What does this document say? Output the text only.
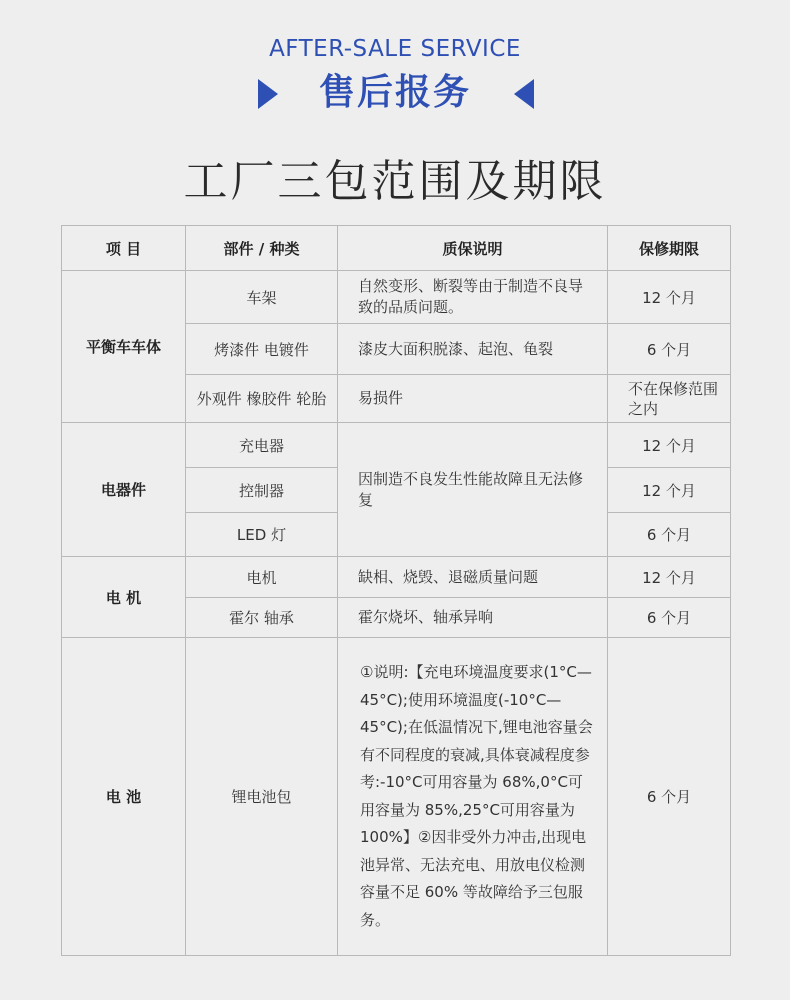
AFTER-SALE SERVICE
售后报务
工厂三包范围及期限
项 目	部件 / 种类	质保说明	保修期限
平衡车车体	车架	自然变形、断裂等由于制造不良导致的品质问题。	12 个月
	烤漆件 电镀件	漆皮大面积脱漆、起泡、龟裂	6 个月
	外观件 橡胶件 轮胎	易损件	不在保修范围之内
电器件	充电器	因制造不良发生性能故障且无法修复	12 个月
	控制器		12 个月
	LED 灯		6 个月
电 机	电机	缺相、烧毁、退磁质量问题	12 个月
	霍尔 轴承	霍尔烧坏、轴承异响	6 个月
电 池	锂电池包	①说明:【充电环境温度要求(1°C—45°C);使用环境温度(-10°C—45°C);在低温情况下,锂电池容量会有不同程度的衰减,具体衰减程度参考:-10°C可用容量为 68%,0°C可用容量为 85%,25°C可用容量为 100%】②因非受外力冲击,出现电池异常、无法充电、用放电仪检测容量不足 60% 等故障给予三包服务。	6 个月
